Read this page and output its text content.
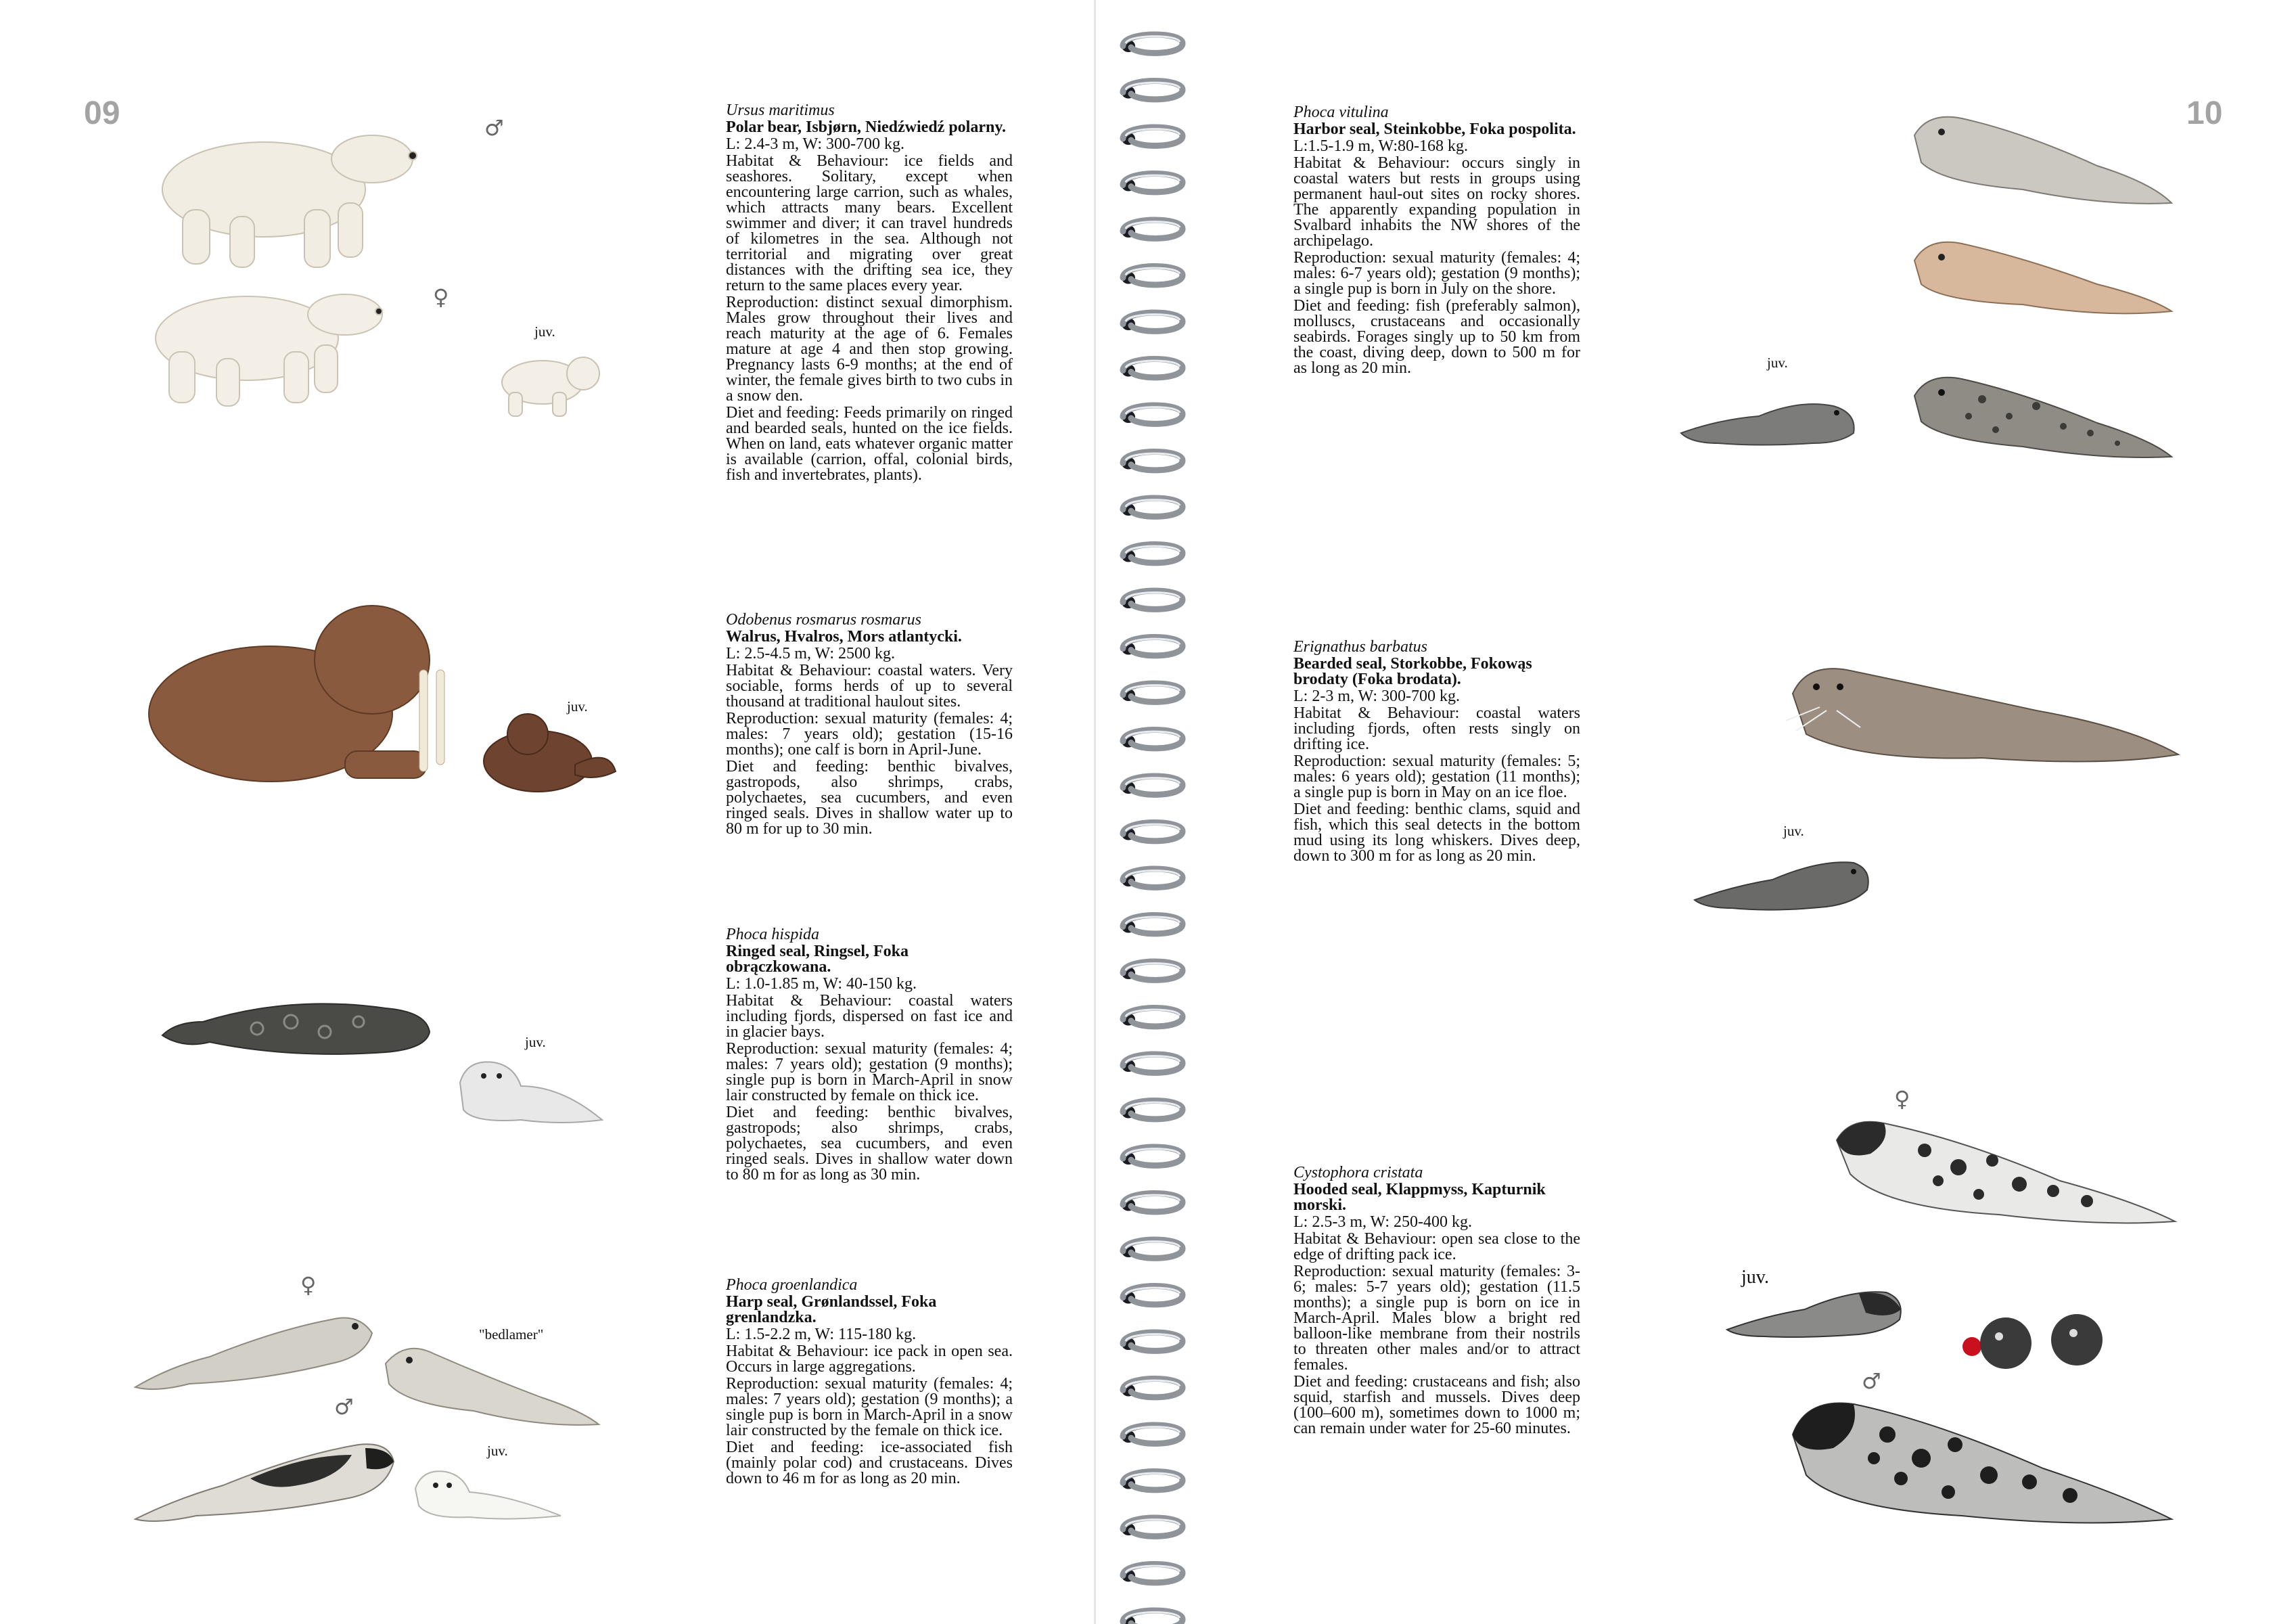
09	♂
♀
juv.
juv.
juv.
♀
"bedlamer"
♂
juv.

Ursus maritimus

Polar bear, Isbjørn, Niedźwiedź polarny.

L: 2.4-3 m, W: 300-700 kg.

Habitat & Behaviour: ice fields and seashores. Solitary, except when encountering large carrion, such as whales, which attracts many bears. Excellent swimmer and diver; it can travel hundreds of kilometres in the sea. Although not territorial and migrating over great distances with the drifting sea ice, they return to the same places every year.

Reproduction: distinct sexual dimorphism. Males grow throughout their lives and reach maturity at the age of 6. Females mature at age 4 and then stop growing. Pregnancy lasts 6-9 months; at the end of winter, the female gives birth to two cubs in a snow den.

Diet and feeding: Feeds primarily on ringed and bearded seals, hunted on the ice fields. When on land, eats whatever organic matter is available (carrion, offal, colonial birds, fish and invertebrates, plants).

Odobenus rosmarus rosmarus

Walrus, Hvalros, Mors atlantycki.

L: 2.5-4.5 m, W: 2500 kg.

Habitat & Behaviour: coastal waters. Very sociable, forms herds of up to several thousand at traditional haulout sites.

Reproduction: sexual maturity (females: 4; males: 7 years old); gestation (15-16 months); one calf is born in April-June.

Diet and feeding: benthic bivalves, gastropods, also shrimps, crabs, polychaetes, sea cucumbers, and even ringed seals. Dives in shallow water up to 80 m for up to 30 min.

Phoca hispida

Ringed seal, Ringsel, Foka obrączkowana.

L: 1.0-1.85 m, W: 40-150 kg.

Habitat & Behaviour: coastal waters including fjords, dispersed on fast ice and in glacier bays.

Reproduction: sexual maturity (females: 4; males: 7 years old); gestation (9 months); single pup is born in March-April in snow lair constructed by female on thick ice.

Diet and feeding: benthic bivalves, gastropods; also shrimps, crabs, polychaetes, sea cucumbers, and even ringed seals. Dives in shallow water down to 80 m for as long as 30 min.

Phoca groenlandica

Harp seal, Grønlandssel, Foka grenlandzka.

L: 1.5-2.2 m, W: 115-180 kg.

Habitat & Behaviour: ice pack in open sea. Occurs in large aggregations.

Reproduction: sexual maturity (females: 4; males: 7 years old); gestation (9 months); a single pup is born in March-April in a snow lair constructed by the female on thick ice.

Diet and feeding: ice-associated fish (mainly polar cod) and crustaceans. Dives down to 46 m for as long as 20 min.

10

Phoca vitulina

Harbor seal, Steinkobbe, Foka pospolita.

L:1.5-1.9 m, W:80-168 kg.

Habitat & Behaviour: occurs singly in coastal waters but rests in groups using permanent haul-out sites on rocky shores. The apparently expanding population in Svalbard inhabits the NW shores of the archipelago.

Reproduction: sexual maturity (females: 4; males: 6-7 years old); gestation (9 months); a single pup is born in July on the shore.

Diet and feeding: fish (preferably salmon), molluscs, crustaceans and occasionally seabirds. Forages singly up to 50 km from the coast, diving deep, down to 500 m for as long as 20 min.

Erignathus barbatus

Bearded seal, Storkobbe, Fokowąs brodaty (Foka brodata).

L: 2-3 m, W: 300-700 kg.

Habitat & Behaviour: coastal waters including fjords, often rests singly on drifting ice.

Reproduction: sexual maturity (females: 5; males: 6 years old); gestation (11 months); a single pup is born in May on an ice floe.

Diet and feeding: benthic clams, squid and fish, which this seal detects in the bottom mud using its long whiskers. Dives deep, down to 300 m for as long as 20 min.

Cystophora cristata

Hooded seal, Klappmyss, Kapturnik morski.

L: 2.5-3 m, W: 250-400 kg.

Habitat & Behaviour: open sea close to the edge of drifting pack ice.

Reproduction: sexual maturity (females: 3-6; males: 5-7 years old); gestation (11.5 months); a single pup is born on ice in March-April. Males blow a bright red balloon-like membrane from their nostrils to threaten other males and/or to attract females.

Diet and feeding: crustaceans and fish; also squid, starfish and mussels. Dives deep (100–600 m), sometimes down to 1000 m; can remain under water for 25-60 minutes.

juv.
juv.
♀
juv.
♂
